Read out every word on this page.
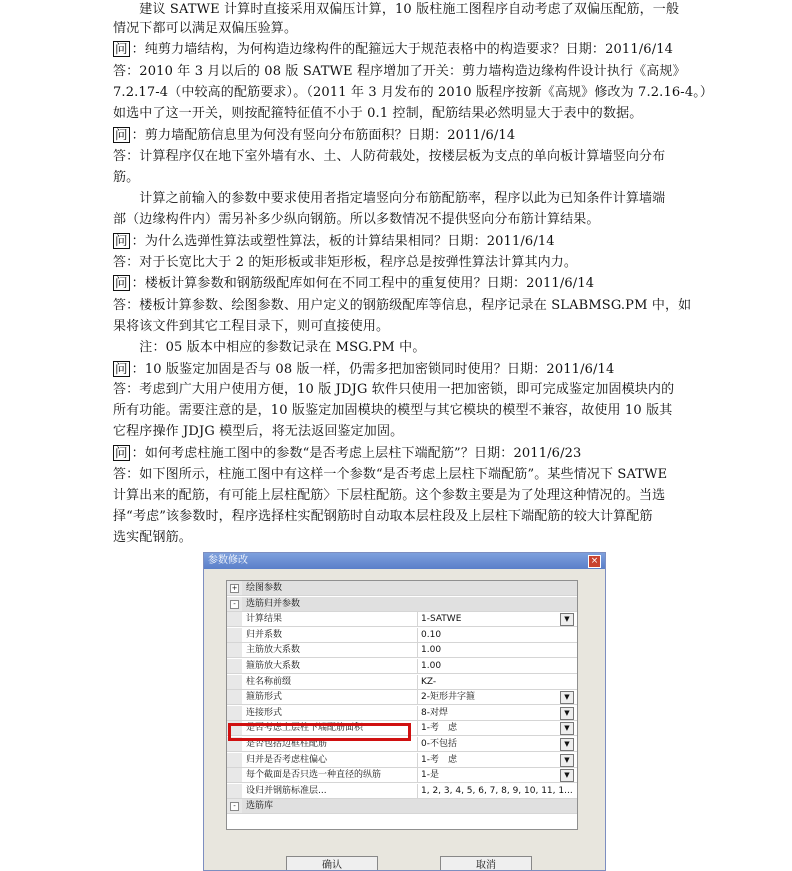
　　建议 SATWE 计算时直接采用双偏压计算，10 版柱施工图程序自动考虑了双偏压配筋，一般
情况下都可以满足双偏压验算。
问 ：纯剪力墙结构，为何构造边缘构件的配箍远大于规范表格中的构造要求？日期：2011/6/14
答：2010 年 3 月以后的 08 版 SATWE 程序增加了开关：剪力墙构造边缘构件设计执行《高规》
7.2.17-4（中较高的配筋要求）。（2011 年 3 月发布的 2010 版程序按新《高规》修改为 7.2.16-4。）
如选中了这一开关，则按配箍特征值不小于 0.1 控制，配筋结果必然明显大于表中的数据。
问 ：剪力墙配筋信息里为何没有竖向分布筋面积？日期：2011/6/14
答：计算程序仅在地下室外墙有水、土、人防荷载处，按楼层板为支点的单向板计算墙竖向分布
筋。
　　计算之前输入的参数中要求使用者指定墙竖向分布筋配筋率，程序以此为已知条件计算墙端
部（边缘构件内）需另补多少纵向钢筋。所以多数情况不提供竖向分布筋计算结果。
问 ：为什么选弹性算法或塑性算法，板的计算结果相同？日期：2011/6/14
答：对于长宽比大于 2 的矩形板或非矩形板，程序总是按弹性算法计算其内力。
问 ：楼板计算参数和钢筋级配库如何在不同工程中的重复使用？日期：2011/6/14
答：楼板计算参数、绘图参数、用户定义的钢筋级配库等信息，程序记录在 SLABMSG.PM 中，如
果将该文件到其它工程目录下，则可直接使用。
　　注：05 版本中相应的参数记录在 MSG.PM 中。
问 ：10 版鉴定加固是否与 08 版一样，仍需多把加密锁同时使用？日期：2011/6/14
答：考虑到广大用户使用方便，10 版 JDJG 软件只使用一把加密锁，即可完成鉴定加固模块内的
所有功能。需要注意的是，10 版鉴定加固模块的模型与其它模块的模型不兼容，故使用 10 版其
它程序操作 JDJG 模型后，将无法返回鉴定加固。
问 ：如何考虑柱施工图中的参数“是否考虑上层柱下端配筋”？日期：2011/6/23
答：如下图所示，柱施工图中有这样一个参数“是否考虑上层柱下端配筋”。某些情况下 SATWE
计算出来的配筋，有可能上层柱配筋〉下层柱配筋。这个参数主要是为了处理这种情况的。当选
择“考虑”该参数时，程序选择柱实配钢筋时自动取本层柱段及上层柱下端配筋的较大计算配筋
选实配钢筋。
参数修改	×
+ 绘图参数
-	选筋归并参数
计算结果	1-SATWE	▼
归并系数	0.10
主筋放大系数	1.00
箍筋放大系数	1.00
柱名称前缀	KZ-
箍筋形式	2-矩形井字箍	▼
连接形式	8-对焊	▼
是否考虑上层柱下端配筋面积	1-考　虑	▼
是否包括边框柱配筋	0-不包括	▼
归并是否考虑柱偏心	1-考　虑	▼
每个截面是否只选一种直径的纵筋	1-是	▼
设归并钢筋标准层...	1, 2, 3, 4, 5, 6, 7, 8, 9, 10, 11, 1...
-	选筋库
确认	取消
